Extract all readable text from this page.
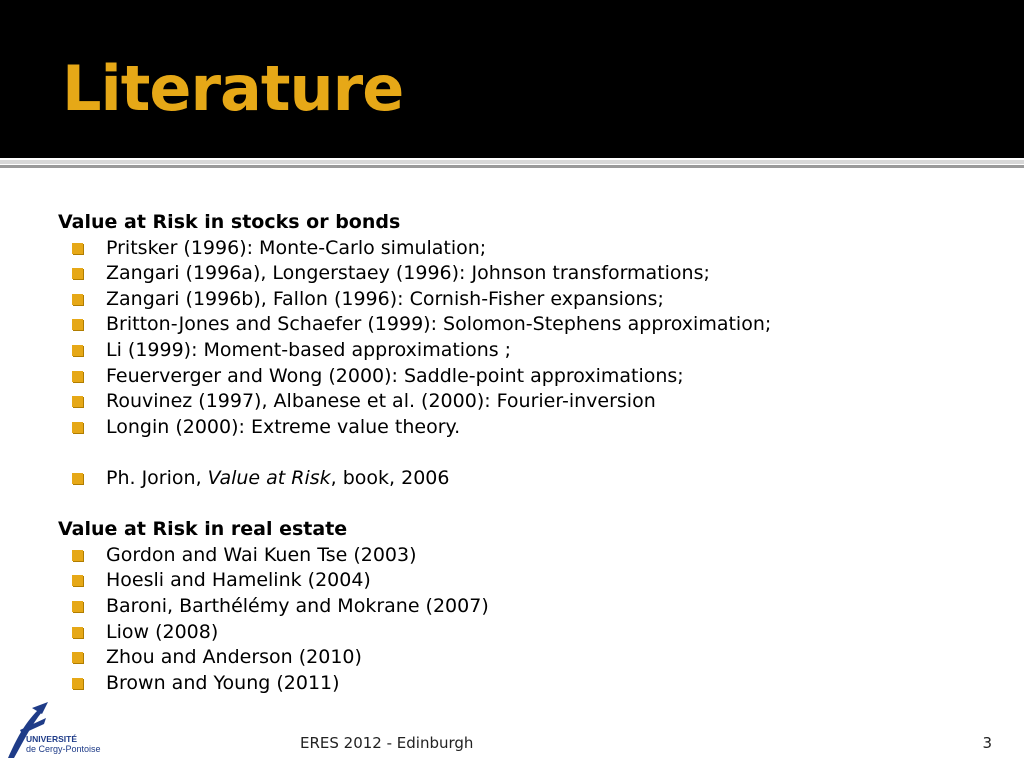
Literature
Value at Risk in stocks or bonds
Pritsker (1996): Monte-Carlo simulation;
Zangari (1996a), Longerstaey (1996): Johnson transformations;
Zangari (1996b), Fallon (1996): Cornish-Fisher expansions;
Britton-Jones and Schaefer (1999): Solomon-Stephens approximation;
Li (1999): Moment-based approximations ;
Feuerverger and Wong (2000): Saddle-point approximations;
Rouvinez (1997), Albanese et al. (2000): Fourier-inversion
Longin (2000): Extreme value theory.
Ph. Jorion, Value at Risk, book, 2006
Value at Risk in real estate
Gordon and Wai Kuen Tse (2003)
Hoesli and Hamelink (2004)
Baroni, Barthélémy and Mokrane (2007)
Liow (2008)
Zhou and Anderson (2010)
Brown and Young (2011)
UNIVERSITÉ
de Cergy-Pontoise	ERES 2012 - Edinburgh	3
